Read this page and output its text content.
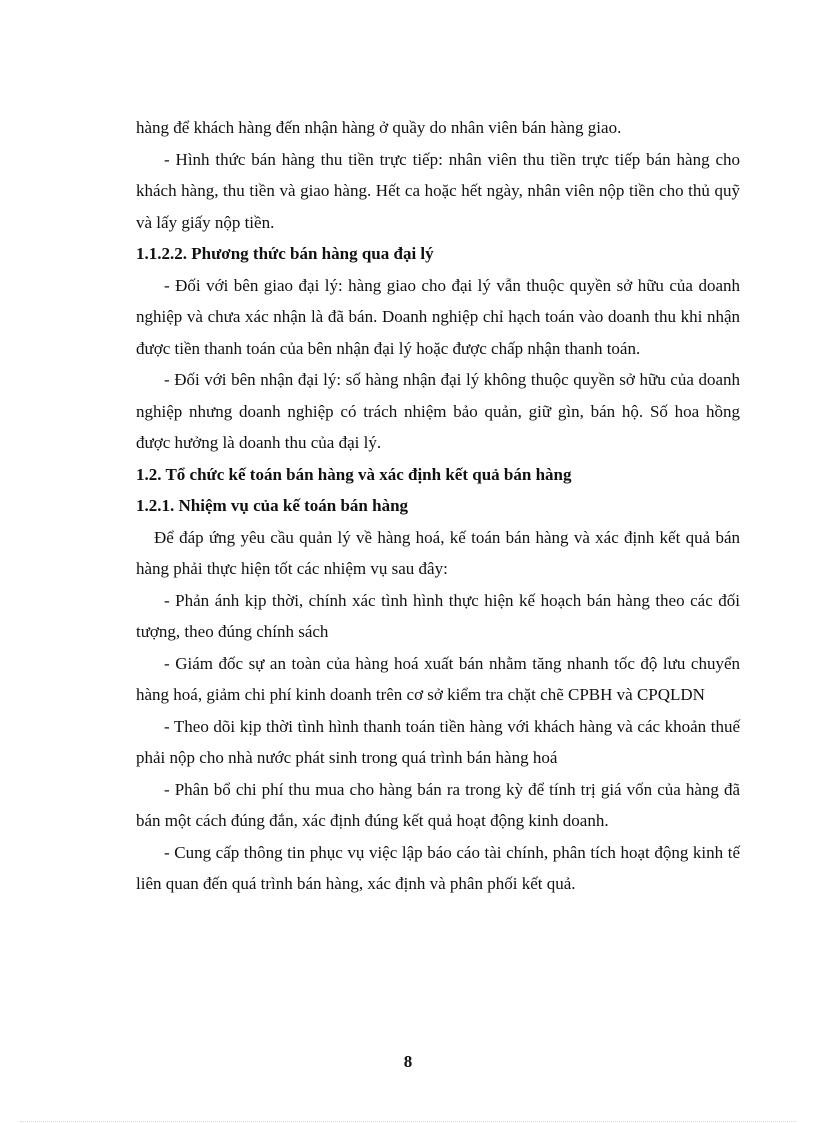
hàng để khách hàng đến nhận hàng ở quầy do nhân viên bán hàng giao.

- Hình thức bán hàng thu tiền trực tiếp: nhân viên thu tiền trực tiếp bán hàng cho khách hàng, thu tiền và giao hàng. Hết ca hoặc hết ngày, nhân viên nộp tiền cho thủ quỹ và lấy giấy nộp tiền.

1.1.2.2. Phương thức bán hàng qua đại lý

- Đối với bên giao đại lý: hàng giao cho đại lý vẫn thuộc quyền sở hữu của doanh nghiệp và chưa xác nhận là đã bán. Doanh nghiệp chỉ hạch toán vào doanh thu khi nhận được tiền thanh toán của bên nhận đại lý hoặc được chấp nhận thanh toán.

- Đối với bên nhận đại lý: số hàng nhận đại lý không thuộc quyền sở hữu của doanh nghiệp nhưng doanh nghiệp có trách nhiệm bảo quản, giữ gìn, bán hộ. Số hoa hồng được hưởng là doanh thu của đại lý.

1.2. Tổ chức kế toán bán hàng và xác định kết quả bán hàng

1.2.1. Nhiệm vụ của kế toán bán hàng

Để đáp ứng yêu cầu quản lý về hàng hoá, kế toán bán hàng và xác định kết quả bán hàng phải thực hiện tốt các nhiệm vụ sau đây:

- Phản ánh kịp thời, chính xác tình hình thực hiện kế hoạch bán hàng theo các đối tượng, theo đúng chính sách

- Giám đốc sự an toàn của hàng hoá xuất bán nhằm tăng nhanh tốc độ lưu chuyển hàng hoá, giảm chi phí kinh doanh trên cơ sở kiểm tra chặt chẽ CPBH và CPQLDN

- Theo dõi kịp thời tình hình thanh toán tiền hàng với khách hàng và các khoản thuế phải nộp cho nhà nước phát sinh trong quá trình bán hàng hoá

- Phân bổ chi phí thu mua cho hàng bán ra trong kỳ để tính trị giá vốn của hàng đã bán một cách đúng đắn, xác định đúng kết quả hoạt động kinh doanh.

- Cung cấp thông tin phục vụ việc lập báo cáo tài chính, phân tích hoạt động kinh tế liên quan đến quá trình bán hàng, xác định và phân phối kết quả.

8
